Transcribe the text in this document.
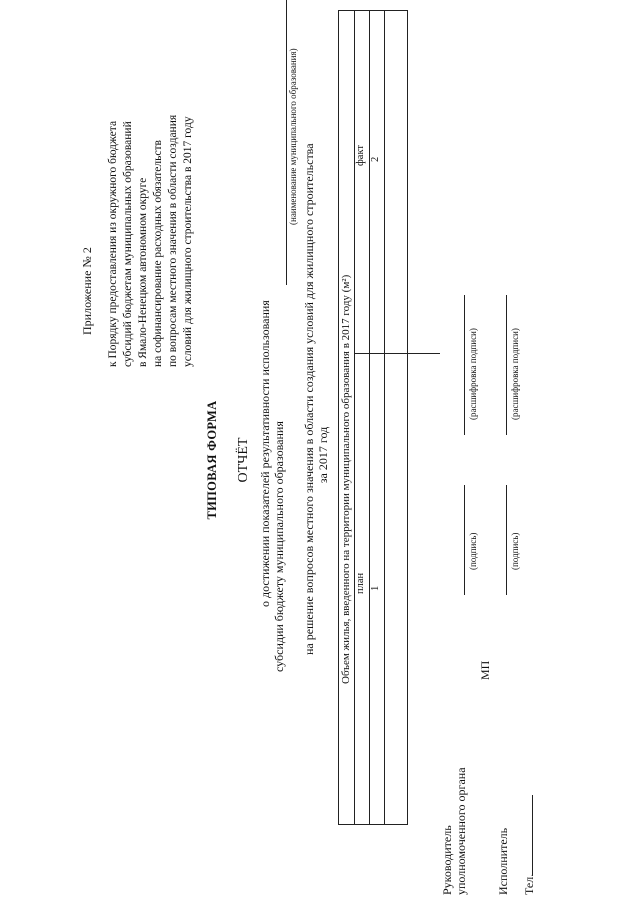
Приложение № 2 к Порядку предоставления из окружного бюджета субсидий бюджетам муниципальных образований в Ямало-Ненецком автономном округе на софинансирование расходных обязательств по вопросам местного значения в области создания условий для жилищного строительства в 2017 году
ТИПОВАЯ ФОРМА ОТЧЁТ о достижении показателей результативности использования субсидии бюджету муниципального образования
(наименование муниципального образования)
на решение вопросов местного значения в области создания условий для жилищного строительства за 2017 год Объем жилья, введенного на территории муниципального образования в 2017 году (м²) план 1
факт 2
Руководитель уполномоченного органа
(подпись)
(расшифровка подписи)
МП
Исполнитель
(подпись)
(расшифровка подписи)
Тел.
